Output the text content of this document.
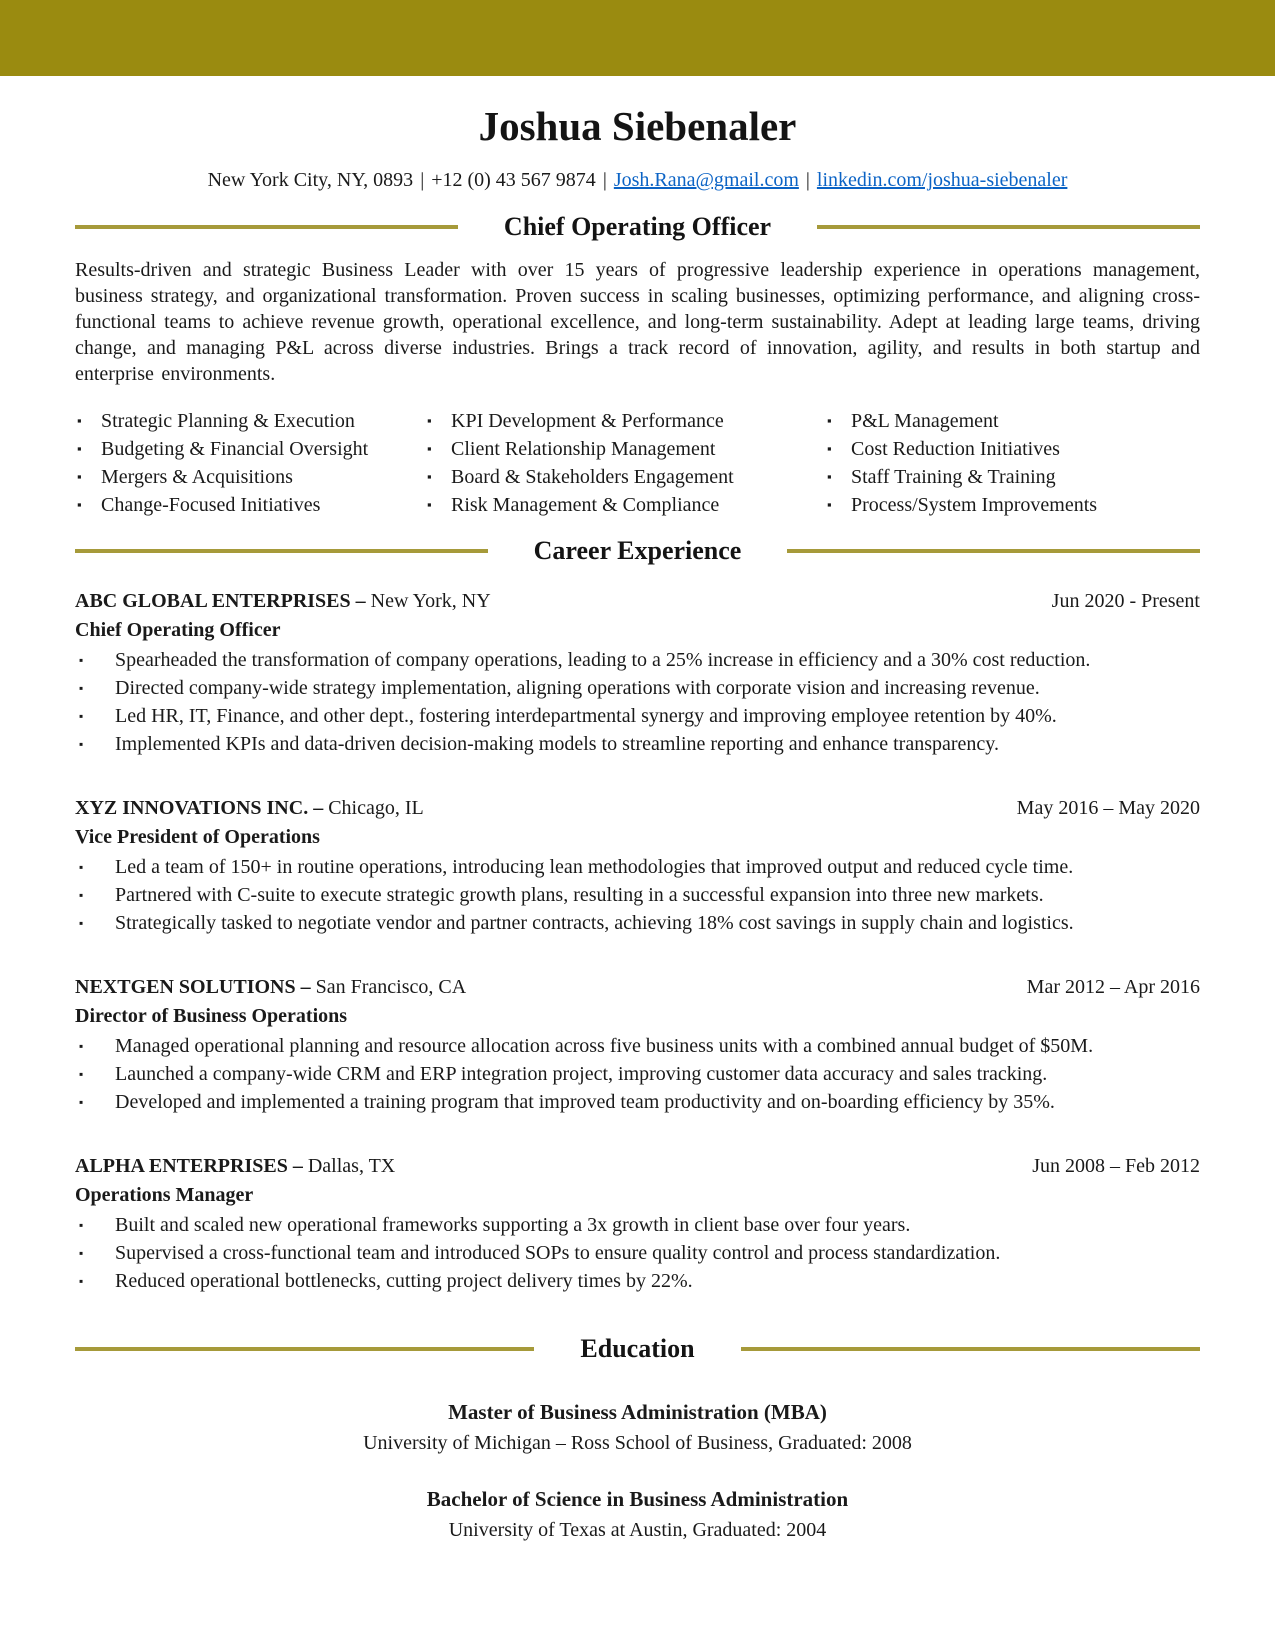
Joshua Siebenaler
New York City, NY, 0893 | +12 (0) 43 567 9874 | Josh.Rana@gmail.com | linkedin.com/joshua-siebenaler
Chief Operating Officer

Results-driven and strategic Business Leader with over 15 years of progressive leadership experience in operations management, business strategy, and organizational transformation. Proven success in scaling businesses, optimizing performance, and aligning cross-functional teams to achieve revenue growth, operational excellence, and long-term sustainability. Adept at leading large teams, driving change, and managing P&L across diverse industries. Brings a track record of innovation, agility, and results in both startup and enterprise environments.

▪ Strategic Planning & Execution	▪ KPI Development & Performance	▪ P&L Management
▪ Budgeting & Financial Oversight	▪ Client Relationship Management	▪ Cost Reduction Initiatives
▪ Mergers & Acquisitions	▪ Board & Stakeholders Engagement	▪ Staff Training & Training
▪ Change-Focused Initiatives	▪ Risk Management & Compliance	▪ Process/System Improvements
Career Experience
ABC GLOBAL ENTERPRISES – New York, NY	Jun 2020 - Present
Chief Operating Officer
▪	Spearheaded the transformation of company operations, leading to a 25% increase in efficiency and a 30% cost reduction.
▪	Directed company-wide strategy implementation, aligning operations with corporate vision and increasing revenue.
▪	Led HR, IT, Finance, and other dept., fostering interdepartmental synergy and improving employee retention by 40%.
▪	Implemented KPIs and data-driven decision-making models to streamline reporting and enhance transparency.
XYZ INNOVATIONS INC. – Chicago, IL	May 2016 – May 2020
Vice President of Operations
▪	Led a team of 150+ in routine operations, introducing lean methodologies that improved output and reduced cycle time.
▪	Partnered with C-suite to execute strategic growth plans, resulting in a successful expansion into three new markets.
▪	Strategically tasked to negotiate vendor and partner contracts, achieving 18% cost savings in supply chain and logistics.
NEXTGEN SOLUTIONS – San Francisco, CA	Mar 2012 – Apr 2016
Director of Business Operations
▪	Managed operational planning and resource allocation across five business units with a combined annual budget of $50M.
▪	Launched a company-wide CRM and ERP integration project, improving customer data accuracy and sales tracking.
▪	Developed and implemented a training program that improved team productivity and on-boarding efficiency by 35%.
ALPHA ENTERPRISES – Dallas, TX	Jun 2008 – Feb 2012
Operations Manager
▪	Built and scaled new operational frameworks supporting a 3x growth in client base over four years.
▪	Supervised a cross-functional team and introduced SOPs to ensure quality control and process standardization.
▪	Reduced operational bottlenecks, cutting project delivery times by 22%.
Education
Master of Business Administration (MBA)
University of Michigan – Ross School of Business, Graduated: 2008
Bachelor of Science in Business Administration
University of Texas at Austin, Graduated: 2004
